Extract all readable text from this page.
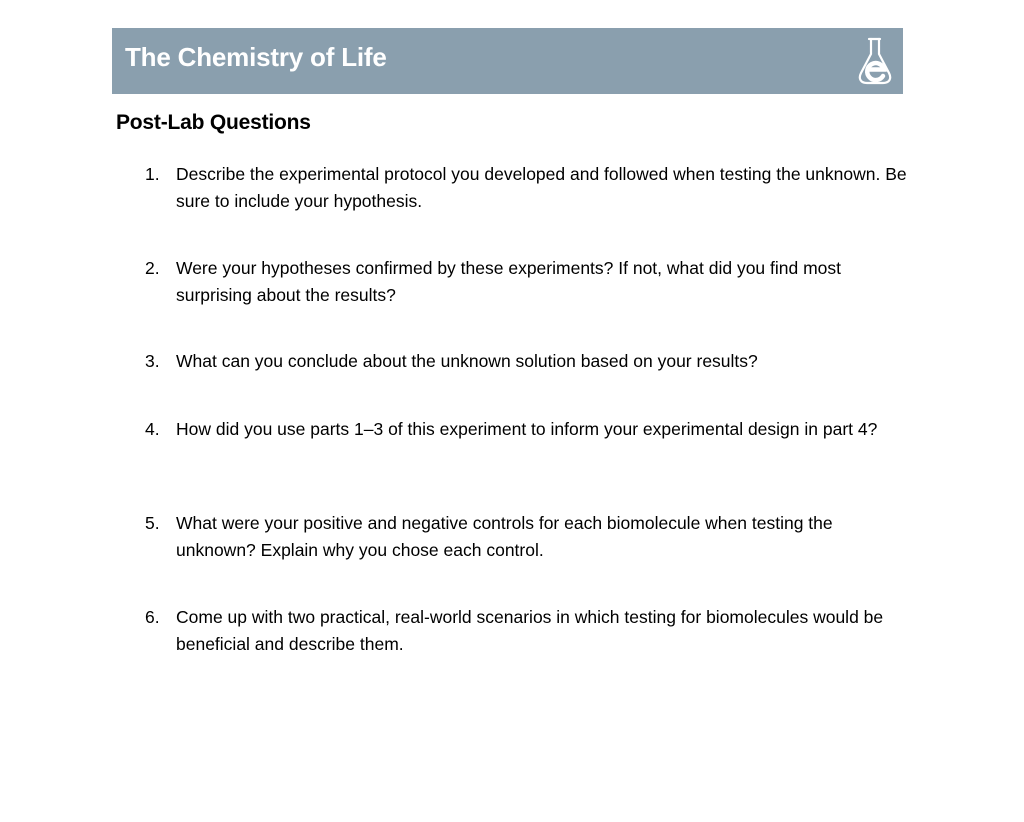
The Chemistry of Life
Post-Lab Questions
1. Describe the experimental protocol you developed and followed when testing the unknown. Be sure to include your hypothesis.
2. Were your hypotheses confirmed by these experiments? If not, what did you find most surprising about the results?
3. What can you conclude about the unknown solution based on your results?
4. How did you use parts 1–3 of this experiment to inform your experimental design in part 4?
5. What were your positive and negative controls for each biomolecule when testing the unknown? Explain why you chose each control.
6. Come up with two practical, real-world scenarios in which testing for biomolecules would be beneficial and describe them.
